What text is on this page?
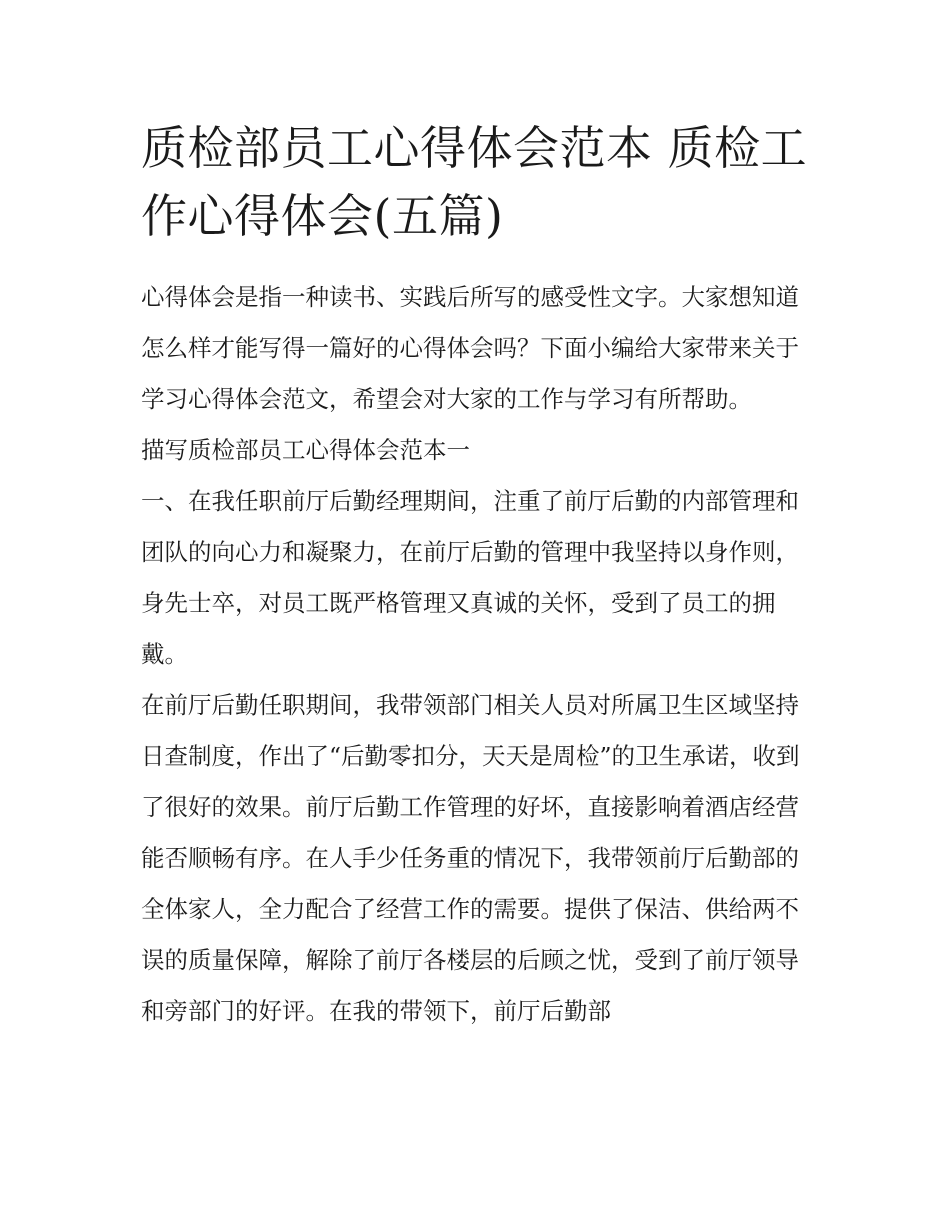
质检部员工心得体会范本 质检工作心得体会(五篇)

心得体会是指一种读书、实践后所写的感受性文字。大家想知道怎么样才能写得一篇好的心得体会吗？下面小编给大家带来关于学习心得体会范文，希望会对大家的工作与学习有所帮助。

描写质检部员工心得体会范本一

一、在我任职前厅后勤经理期间，注重了前厅后勤的内部管理和团队的向心力和凝聚力，在前厅后勤的管理中我坚持以身作则，身先士卒，对员工既严格管理又真诚的关怀，受到了员工的拥戴。

在前厅后勤任职期间，我带领部门相关人员对所属卫生区域坚持日查制度，作出了“后勤零扣分，天天是周检”的卫生承诺，收到了很好的效果。前厅后勤工作管理的好坏，直接影响着酒店经营能否顺畅有序。在人手少任务重的情况下，我带领前厅后勤部的全体家人，全力配合了经营工作的需要。提供了保洁、供给两不误的质量保障，解除了前厅各楼层的后顾之忧，受到了前厅领导和旁部门的好评。在我的带领下，前厅后勤部
